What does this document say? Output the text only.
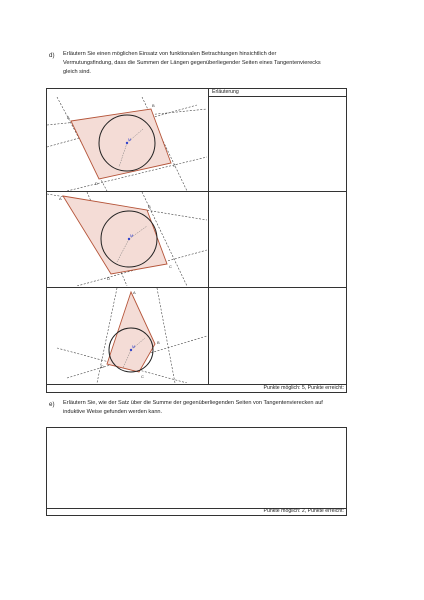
d) Erläutern Sie einen möglichen Einsatz von funktionalen Betrachtungen hinsichtlich der
Vermutungsfindung, dass die Summen der Längen gegenüberliegender Seiten eines Tangentenvierecks
gleich sind.
Erläuterung
Punkte möglich: 5, Punkte erreicht:
M
A
B
C
D
M
A
B
C
D
M
A
B
C
D
e) Erläutern Sie, wie der Satz über die Summe der gegenüberliegenden Seiten von Tangentenvierecken auf
induktive Weise gefunden werden kann.
Punkte möglich: 2, Punkte erreicht:
